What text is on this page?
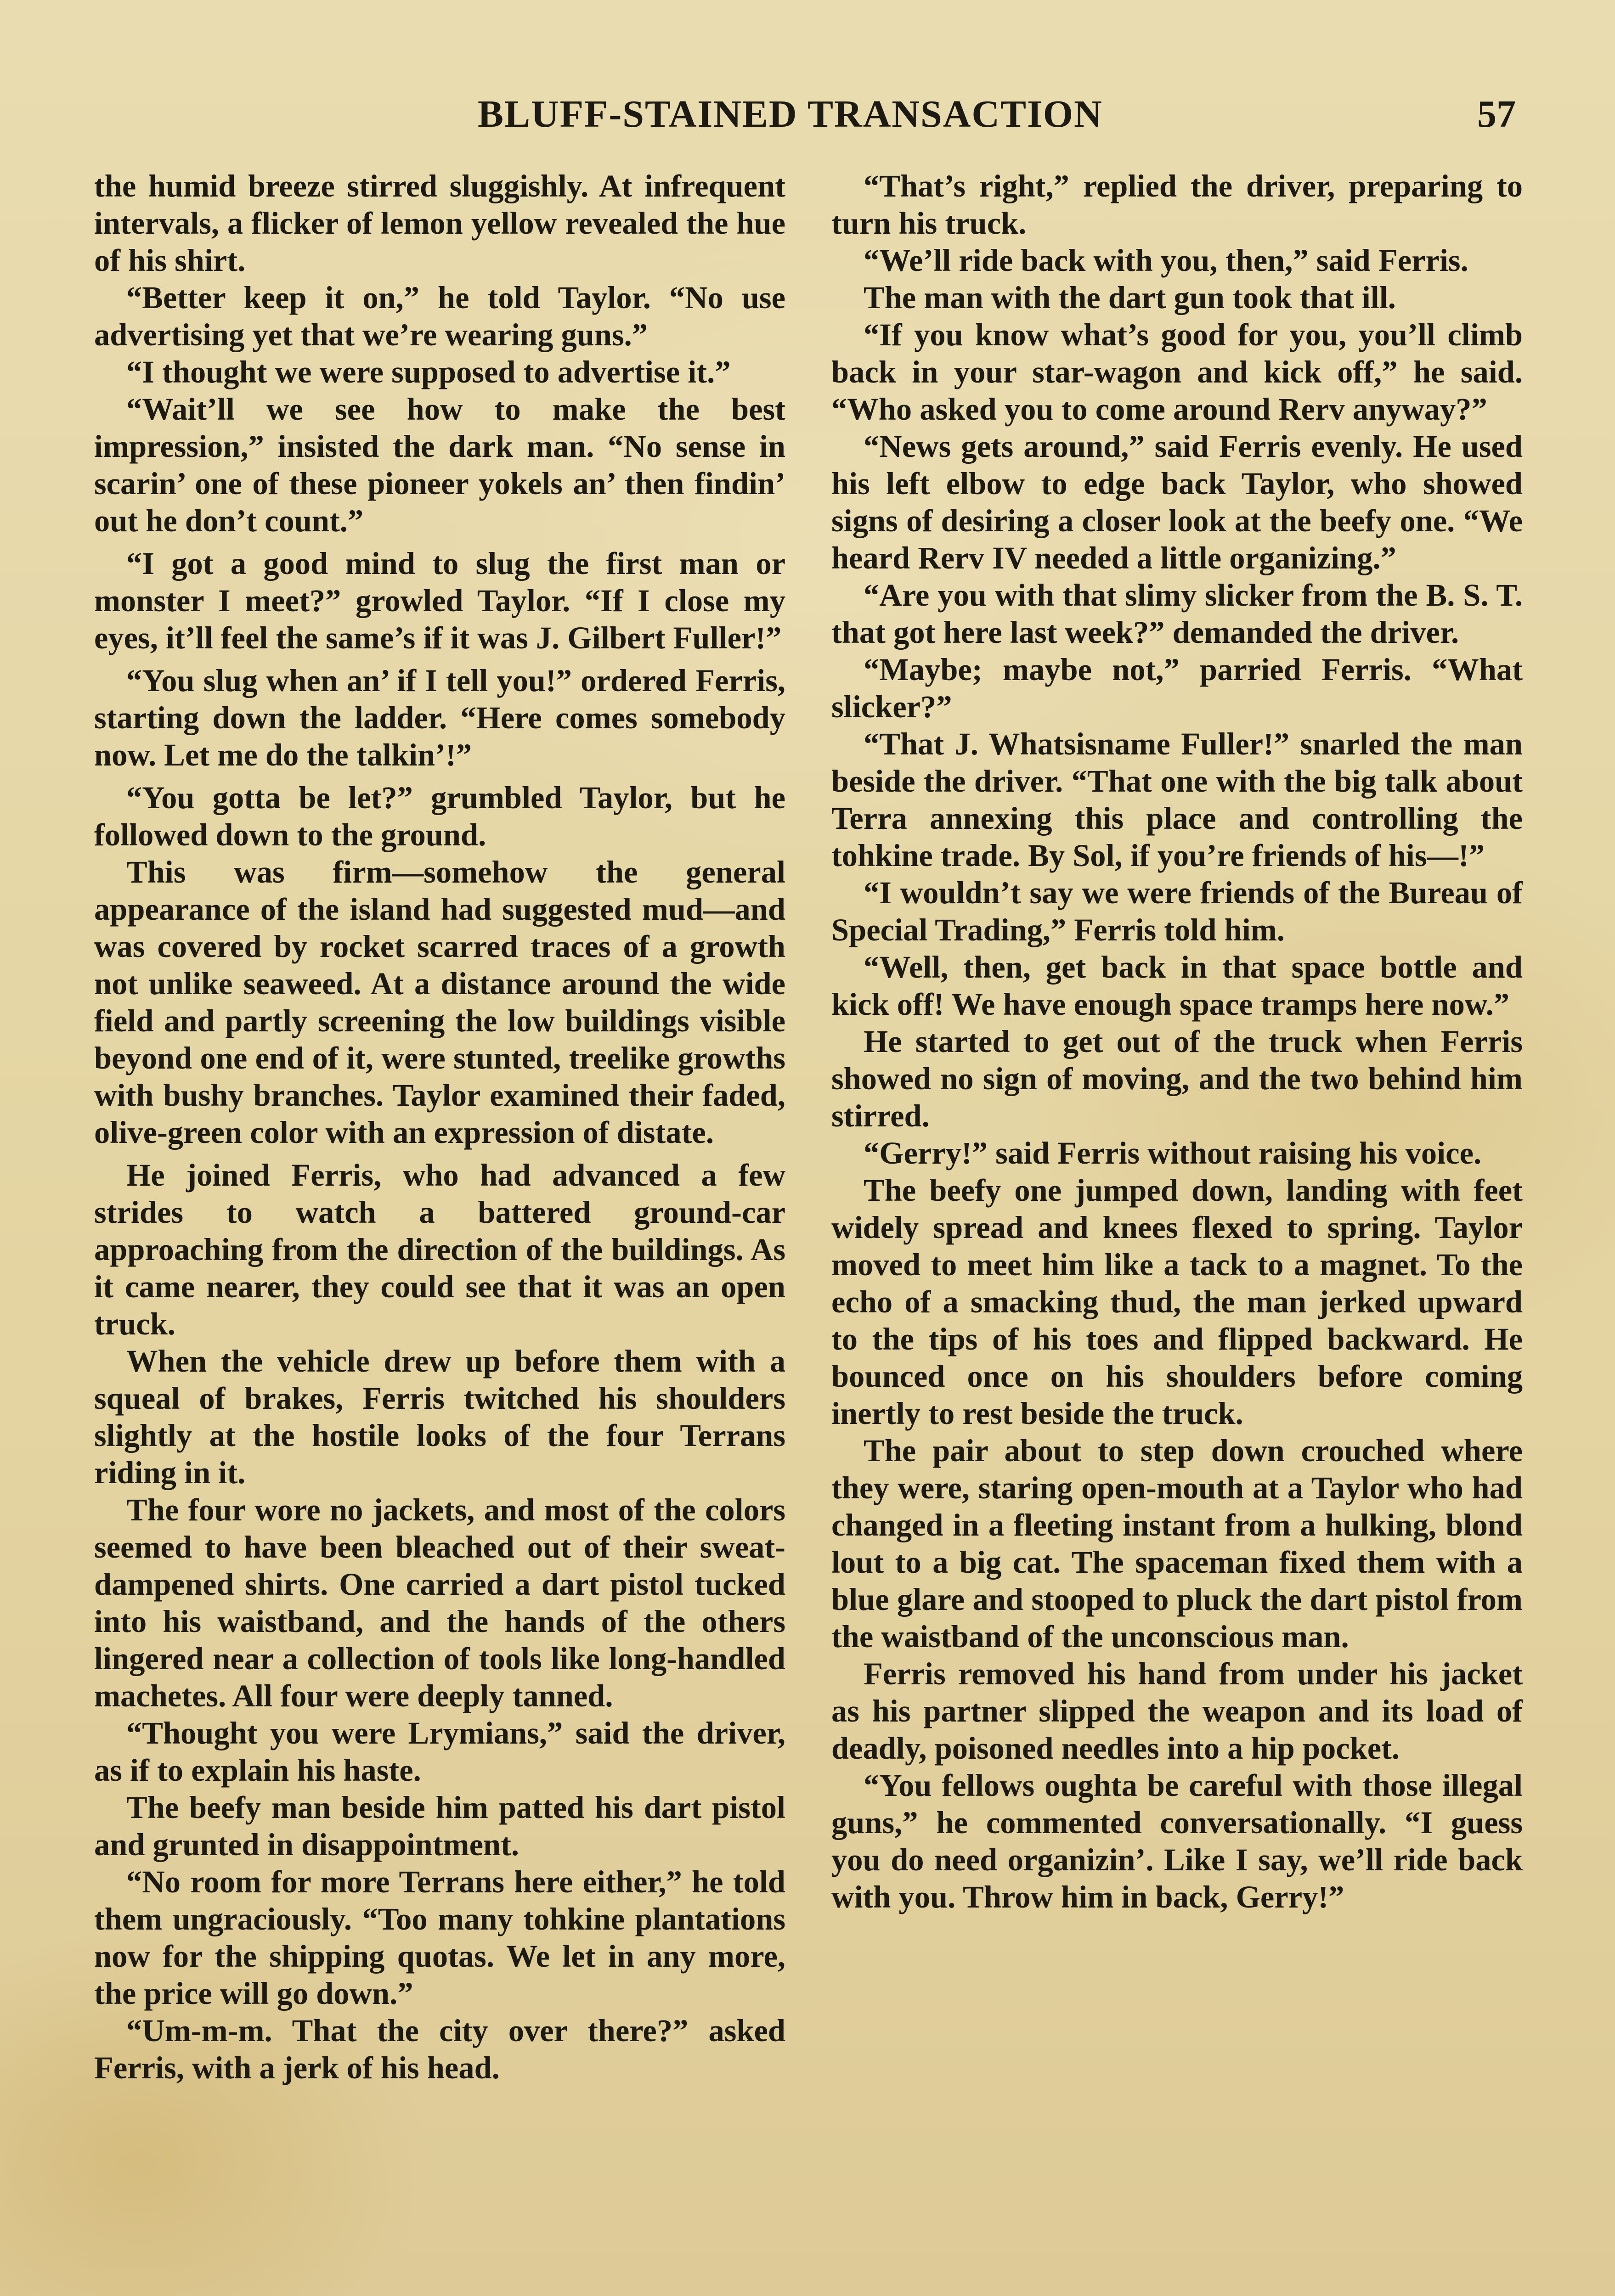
BLUFF-STAINED TRANSACTION	57

the humid breeze stirred sluggishly. At infrequent intervals, a flicker of lemon yellow revealed the hue of his shirt.

“Better keep it on,” he told Taylor. “No use advertising yet that we’re wearing guns.”

“I thought we were supposed to advertise it.”

“Wait’ll we see how to make the best impression,” insisted the dark man. “No sense in scarin’ one of these pioneer yokels an’ then findin’ out he don’t count.”

“I got a good mind to slug the first man or monster I meet?” growled Taylor. “If I close my eyes, it’ll feel the same’s if it was J. Gilbert Fuller!”

“You slug when an’ if I tell you!” ordered Ferris, starting down the ladder. “Here comes somebody now. Let me do the talkin’!”

“You gotta be let?” grumbled Taylor, but he followed down to the ground.

This was firm—somehow the general appearance of the island had suggested mud—and was covered by rocket scarred traces of a growth not unlike seaweed. At a distance around the wide field and partly screening the low buildings visible beyond one end of it, were stunted, treelike growths with bushy branches. Taylor examined their faded, olive-green color with an expression of distate.

He joined Ferris, who had advanced a few strides to watch a battered ground-car approaching from the direction of the buildings. As it came nearer, they could see that it was an open truck.

When the vehicle drew up before them with a squeal of brakes, Ferris twitched his shoulders slightly at the hostile looks of the four Terrans riding in it.

The four wore no jackets, and most of the colors seemed to have been bleached out of their sweat-dampened shirts. One carried a dart pistol tucked into his waistband, and the hands of the others lingered near a collection of tools like long-handled machetes. All four were deeply tanned.

“Thought you were Lrymians,” said the driver, as if to explain his haste.

The beefy man beside him patted his dart pistol and grunted in disappointment.

“No room for more Terrans here either,” he told them ungraciously. “Too many tohkine plantations now for the shipping quotas. We let in any more, the price will go down.”

“Um-m-m. That the city over there?” asked Ferris, with a jerk of his head.

“That’s right,” replied the driver, preparing to turn his truck.

“We’ll ride back with you, then,” said Ferris.

The man with the dart gun took that ill.

“If you know what’s good for you, you’ll climb back in your star-wagon and kick off,” he said. “Who asked you to come around Rerv anyway?”

“News gets around,” said Ferris evenly. He used his left elbow to edge back Taylor, who showed signs of desiring a closer look at the beefy one. “We heard Rerv IV needed a little organizing.”

“Are you with that slimy slicker from the B. S. T. that got here last week?” demanded the driver.

“Maybe; maybe not,” parried Ferris. “What slicker?”

“That J. Whatsisname Fuller!” snarled the man beside the driver. “That one with the big talk about Terra annexing this place and controlling the tohkine trade. By Sol, if you’re friends of his—!”

“I wouldn’t say we were friends of the Bureau of Special Trading,” Ferris told him.

“Well, then, get back in that space bottle and kick off! We have enough space tramps here now.”

He started to get out of the truck when Ferris showed no sign of moving, and the two behind him stirred.

“Gerry!” said Ferris without raising his voice.

The beefy one jumped down, landing with feet widely spread and knees flexed to spring. Taylor moved to meet him like a tack to a magnet. To the echo of a smacking thud, the man jerked upward to the tips of his toes and flipped backward. He bounced once on his shoulders before coming inertly to rest beside the truck.

The pair about to step down crouched where they were, staring open-mouth at a Taylor who had changed in a fleeting instant from a hulking, blond lout to a big cat. The spaceman fixed them with a blue glare and stooped to pluck the dart pistol from the waistband of the unconscious man.

Ferris removed his hand from under his jacket as his partner slipped the weapon and its load of deadly, poisoned needles into a hip pocket.

“You fellows oughta be careful with those illegal guns,” he commented conversationally. “I guess you do need organizin’. Like I say, we’ll ride back with you. Throw him in back, Gerry!”
